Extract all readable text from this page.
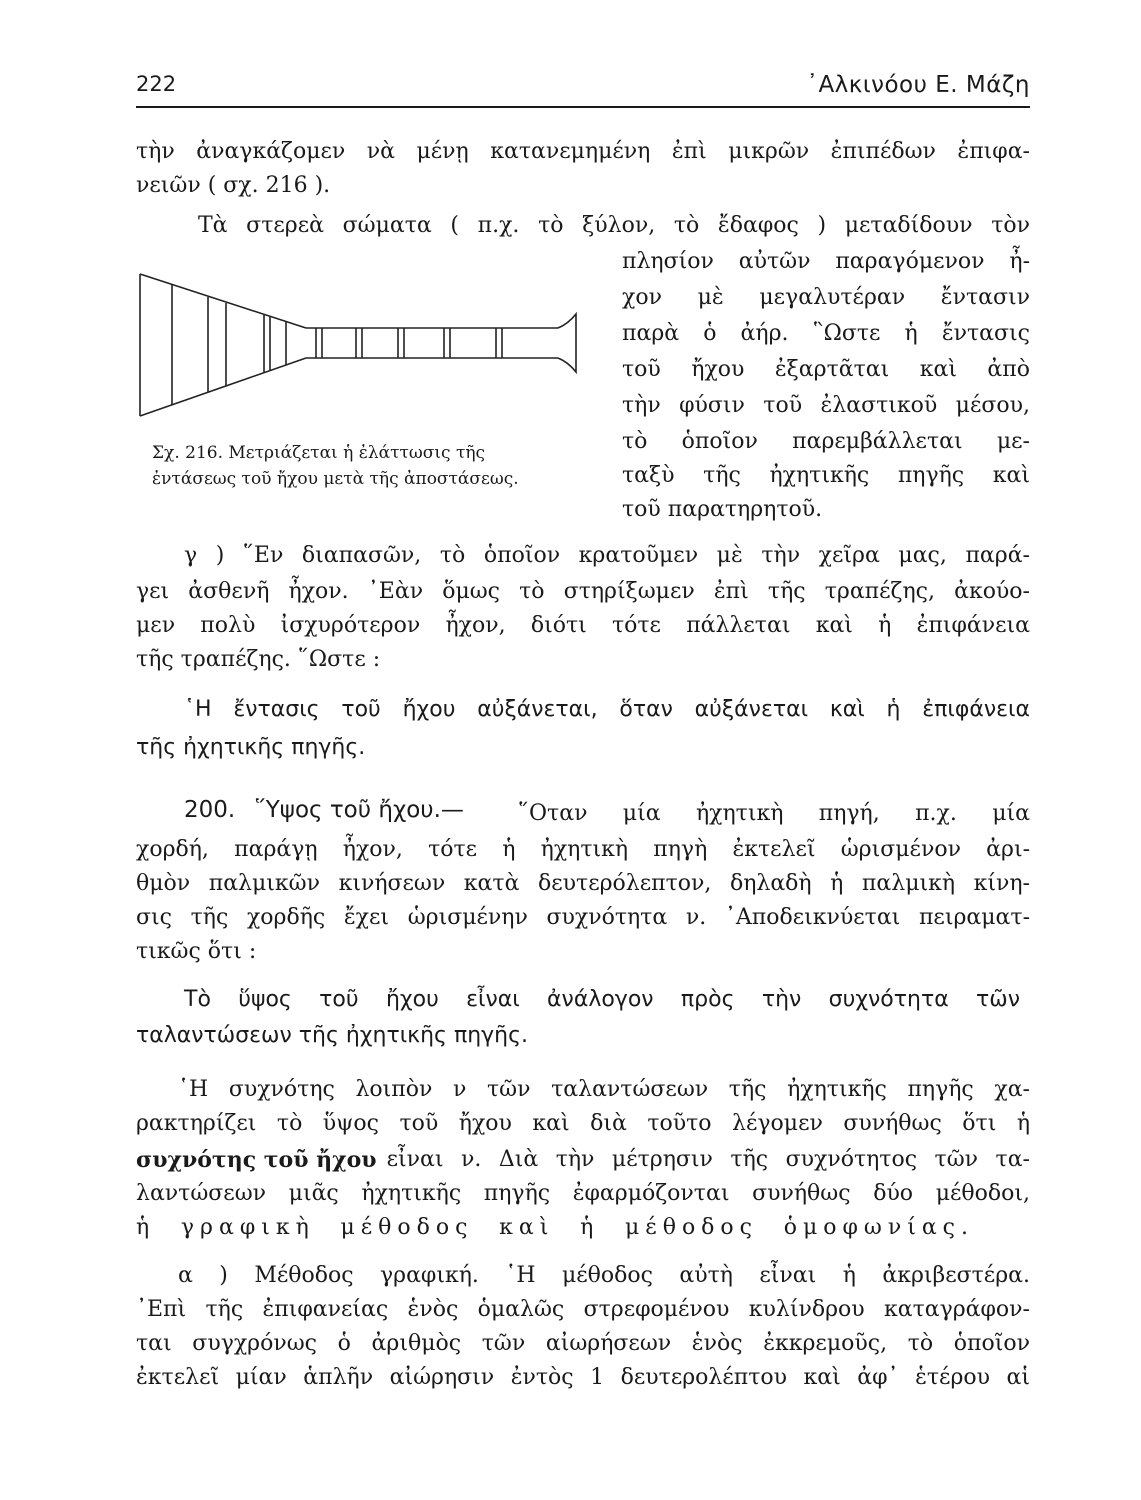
222	᾿Αλκινόου Ε. Μάζη
τὴν ἀναγκάζομεν νὰ μένῃ κατανεμημένη ἐπὶ μικρῶν ἐπιπέδων ἐπιφα-
νειῶν ( σχ. 216 ).
Τὰ στερεὰ σώματα ( π.χ. τὸ ξύλον, τὸ ἔδαφος ) μεταδίδουν τὸν
πλησίον αὐτῶν παραγόμενον ἦ-
χον μὲ μεγαλυτέραν ἔντασιν
παρὰ ὁ ἀήρ. ῝Ωστε ἡ ἔντασις
τοῦ ἤχου ἐξαρτᾶται καὶ ἀπὸ
τὴν φύσιν τοῦ ἐλαστικοῦ μέσου,
τὸ ὁποῖον παρεμβάλλεται με-
ταξὺ τῆς ἠχητικῆς πηγῆς καὶ
τοῦ παρατηρητοῦ.
Σχ. 216. Μετριάζεται ἡ ἐλάττωσις τῆς
ἐντάσεως τοῦ ἤχου μετὰ τῆς ἀποστάσεως.
γ ) ῞Εν διαπασῶν, τὸ ὁποῖον κρατοῦμεν μὲ τὴν χεῖρα μας, παρά-
γει ἀσθενῆ ἦχον. ᾿Εὰν ὅμως τὸ στηρίξωμεν ἐπὶ τῆς τραπέζης, ἀκούο-
μεν πολὺ ἰσχυρότερον ἦχον, διότι τότε πάλλεται καὶ ἡ ἐπιφάνεια
τῆς τραπέζης. ῞Ωστε :
῾Η ἔντασις τοῦ ἤχου αὐξάνεται, ὅταν αὐξάνεται καὶ ἡ ἐπιφάνεια
τῆς ἠχητικῆς πηγῆς.
200. ῞Υψος τοῦ ἤχου.— ῞Οταν μία ἠχητικὴ πηγή, π.χ. μία
χορδή, παράγῃ ἦχον, τότε ἡ ἠχητικὴ πηγὴ ἐκτελεῖ ὡρισμένον ἀρι-
θμὸν παλμικῶν κινήσεων κατὰ δευτερόλεπτον, δηλαδὴ ἡ παλμικὴ κίνη-
σις τῆς χορδῆς ἔχει ὡρισμένην συχνότητα ν. ᾿Αποδεικνύεται πειραματ-
τικῶς ὅτι :
Τὸ ὕψος τοῦ ἤχου εἶναι ἀνάλογον πρὸς τὴν συχνότητα τῶν
ταλαντώσεων τῆς ἠχητικῆς πηγῆς.
῾Η συχνότης λοιπὸν ν τῶν ταλαντώσεων τῆς ἠχητικῆς πηγῆς χα-
ρακτηρίζει τὸ ὕψος τοῦ ἤχου καὶ διὰ τοῦτο λέγομεν συνήθως ὅτι ἡ
συχνότης τοῦ ἤχου εἶναι ν. Διὰ τὴν μέτρησιν τῆς συχνότητος τῶν τα-
λαντώσεων μιᾶς ἠχητικῆς πηγῆς ἐφαρμόζονται συνήθως δύο μέθοδοι,
ἡ γραφικὴ μέθοδος καὶ ἡ μέθοδος ὁμοφωνίας.
α ) Μέθοδος γραφική. ῾Η μέθοδος αὐτὴ εἶναι ἡ ἀκριβεστέρα.
᾿Επὶ τῆς ἐπιφανείας ἑνὸς ὁμαλῶς στρεφομένου κυλίνδρου καταγράφον-
ται συγχρόνως ὁ ἀριθμὸς τῶν αἰωρήσεων ἑνὸς ἐκκρεμοῦς, τὸ ὁποῖον
ἐκτελεῖ μίαν ἁπλῆν αἰώρησιν ἐντὸς 1 δευτερολέπτου καὶ ἀφ᾿ ἑτέρου αἱ
